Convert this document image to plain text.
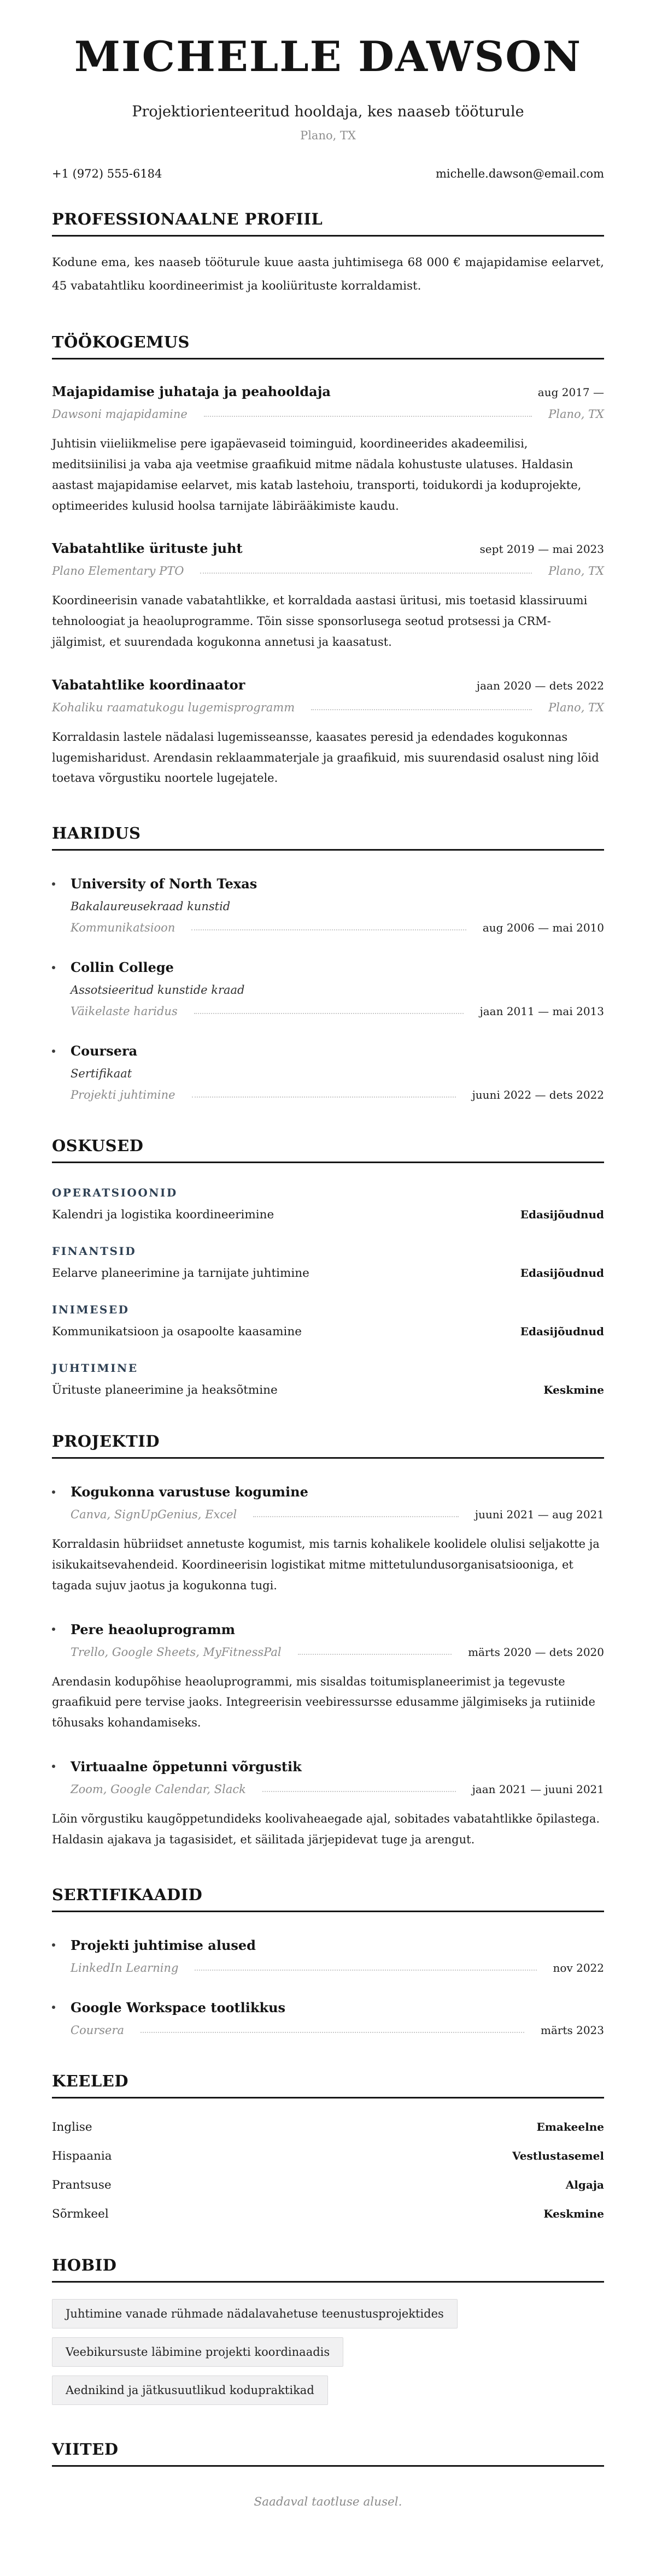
MICHELLE DAWSON
Projektiorienteeritud hooldaja, kes naaseb tööturule
Plano, TX
+1 (972) 555-6184	michelle.dawson@email.com
PROFESSIONAALNE PROFIIL

Kodune ema, kes naaseb tööturule kuue aasta juhtimisega 68 000 € majapidamise eelarvet, 45 vabatahtliku koordineerimist ja kooliürituste korraldamist.

TÖÖKOGEMUS
Majapidamise juhataja ja peahooldaja	aug 2017 —
Dawsoni majapidamine	Plano, TX

Juhtisin viieliikmelise pere igapäevaseid toiminguid, koordineerides akadeemilisi, meditsiinilisi ja vaba aja veetmise graafikuid mitme nädala kohustuste ulatuses. Haldasin aastast majapidamise eelarvet, mis katab lastehoiu, transporti, toidukordi ja koduprojekte, optimeerides kulusid hoolsa tarnijate läbirääkimiste kaudu.

Vabatahtlike ürituste juht	sept 2019 — mai 2023
Plano Elementary PTO	Plano, TX

Koordineerisin vanade vabatahtlikke, et korraldada aastasi üritusi, mis toetasid klassiruumi tehnoloogiat ja heaoluprogramme. Tõin sisse sponsorlusega seotud protsessi ja CRM-jälgimist, et suurendada kogukonna annetusi ja kaasatust.

Vabatahtlike koordinaator	jaan 2020 — dets 2022
Kohaliku raamatukogu lugemisprogramm	Plano, TX

Korraldasin lastele nädalasi lugemisseansse, kaasates peresid ja edendades kogukonnas lugemisharidust. Arendasin reklaammaterjale ja graafikuid, mis suurendasid osalust ning lõid toetava võrgustiku noortele lugejatele.

HARIDUS
University of North Texas
Bakalaureusekraad kunstid
Kommunikatsioon	aug 2006 — mai 2010
Collin College
Assotsieeritud kunstide kraad
Väikelaste haridus	jaan 2011 — mai 2013
Coursera
Sertifikaat
Projekti juhtimine	juuni 2022 — dets 2022
OSKUSED
OPERATSIOONID
Kalendri ja logistika koordineerimine	Edasijõudnud
FINANTSID
Eelarve planeerimine ja tarnijate juhtimine	Edasijõudnud
INIMESED
Kommunikatsioon ja osapoolte kaasamine	Edasijõudnud
JUHTIMINE
Ürituste planeerimine ja heaksõtmine	Keskmine
PROJEKTID
Kogukonna varustuse kogumine
Canva, SignUpGenius, Excel	juuni 2021 — aug 2021

Korraldasin hübriidset annetuste kogumist, mis tarnis kohalikele koolidele olulisi seljakotte ja isikukaitsevahendeid. Koordineerisin logistikat mitme mittetulundusorganisatsiooniga, et tagada sujuv jaotus ja kogukonna tugi.

Pere heaoluprogramm
Trello, Google Sheets, MyFitnessPal	märts 2020 — dets 2020

Arendasin kodupõhise heaoluprogrammi, mis sisaldas toitumisplaneerimist ja tegevuste graafikuid pere tervise jaoks. Integreerisin veebiressursse edusamme jälgimiseks ja rutiinide tõhusaks kohandamiseks.

Virtuaalne õppetunni võrgustik
Zoom, Google Calendar, Slack	jaan 2021 — juuni 2021

Lõin võrgustiku kaugõppetundideks koolivaheaegade ajal, sobitades vabatahtlikke õpilastega. Haldasin ajakava ja tagasisidet, et säilitada järjepidevat tuge ja arengut.

SERTIFIKAADID
Projekti juhtimise alused
LinkedIn Learning	nov 2022
Google Workspace tootlikkus
Coursera	märts 2023
KEELED
Inglise	Emakeelne
Hispaania	Vestlustasemel
Prantsuse	Algaja
Sõrmkeel	Keskmine
HOBID
Juhtimine vanade rühmade nädalavahetuse teenustusprojektides
Veebikursuste läbimine projekti koordinaadis
Aednikind ja jätkusuutlikud kodupraktikad
VIITED

Saadaval taotluse alusel.
